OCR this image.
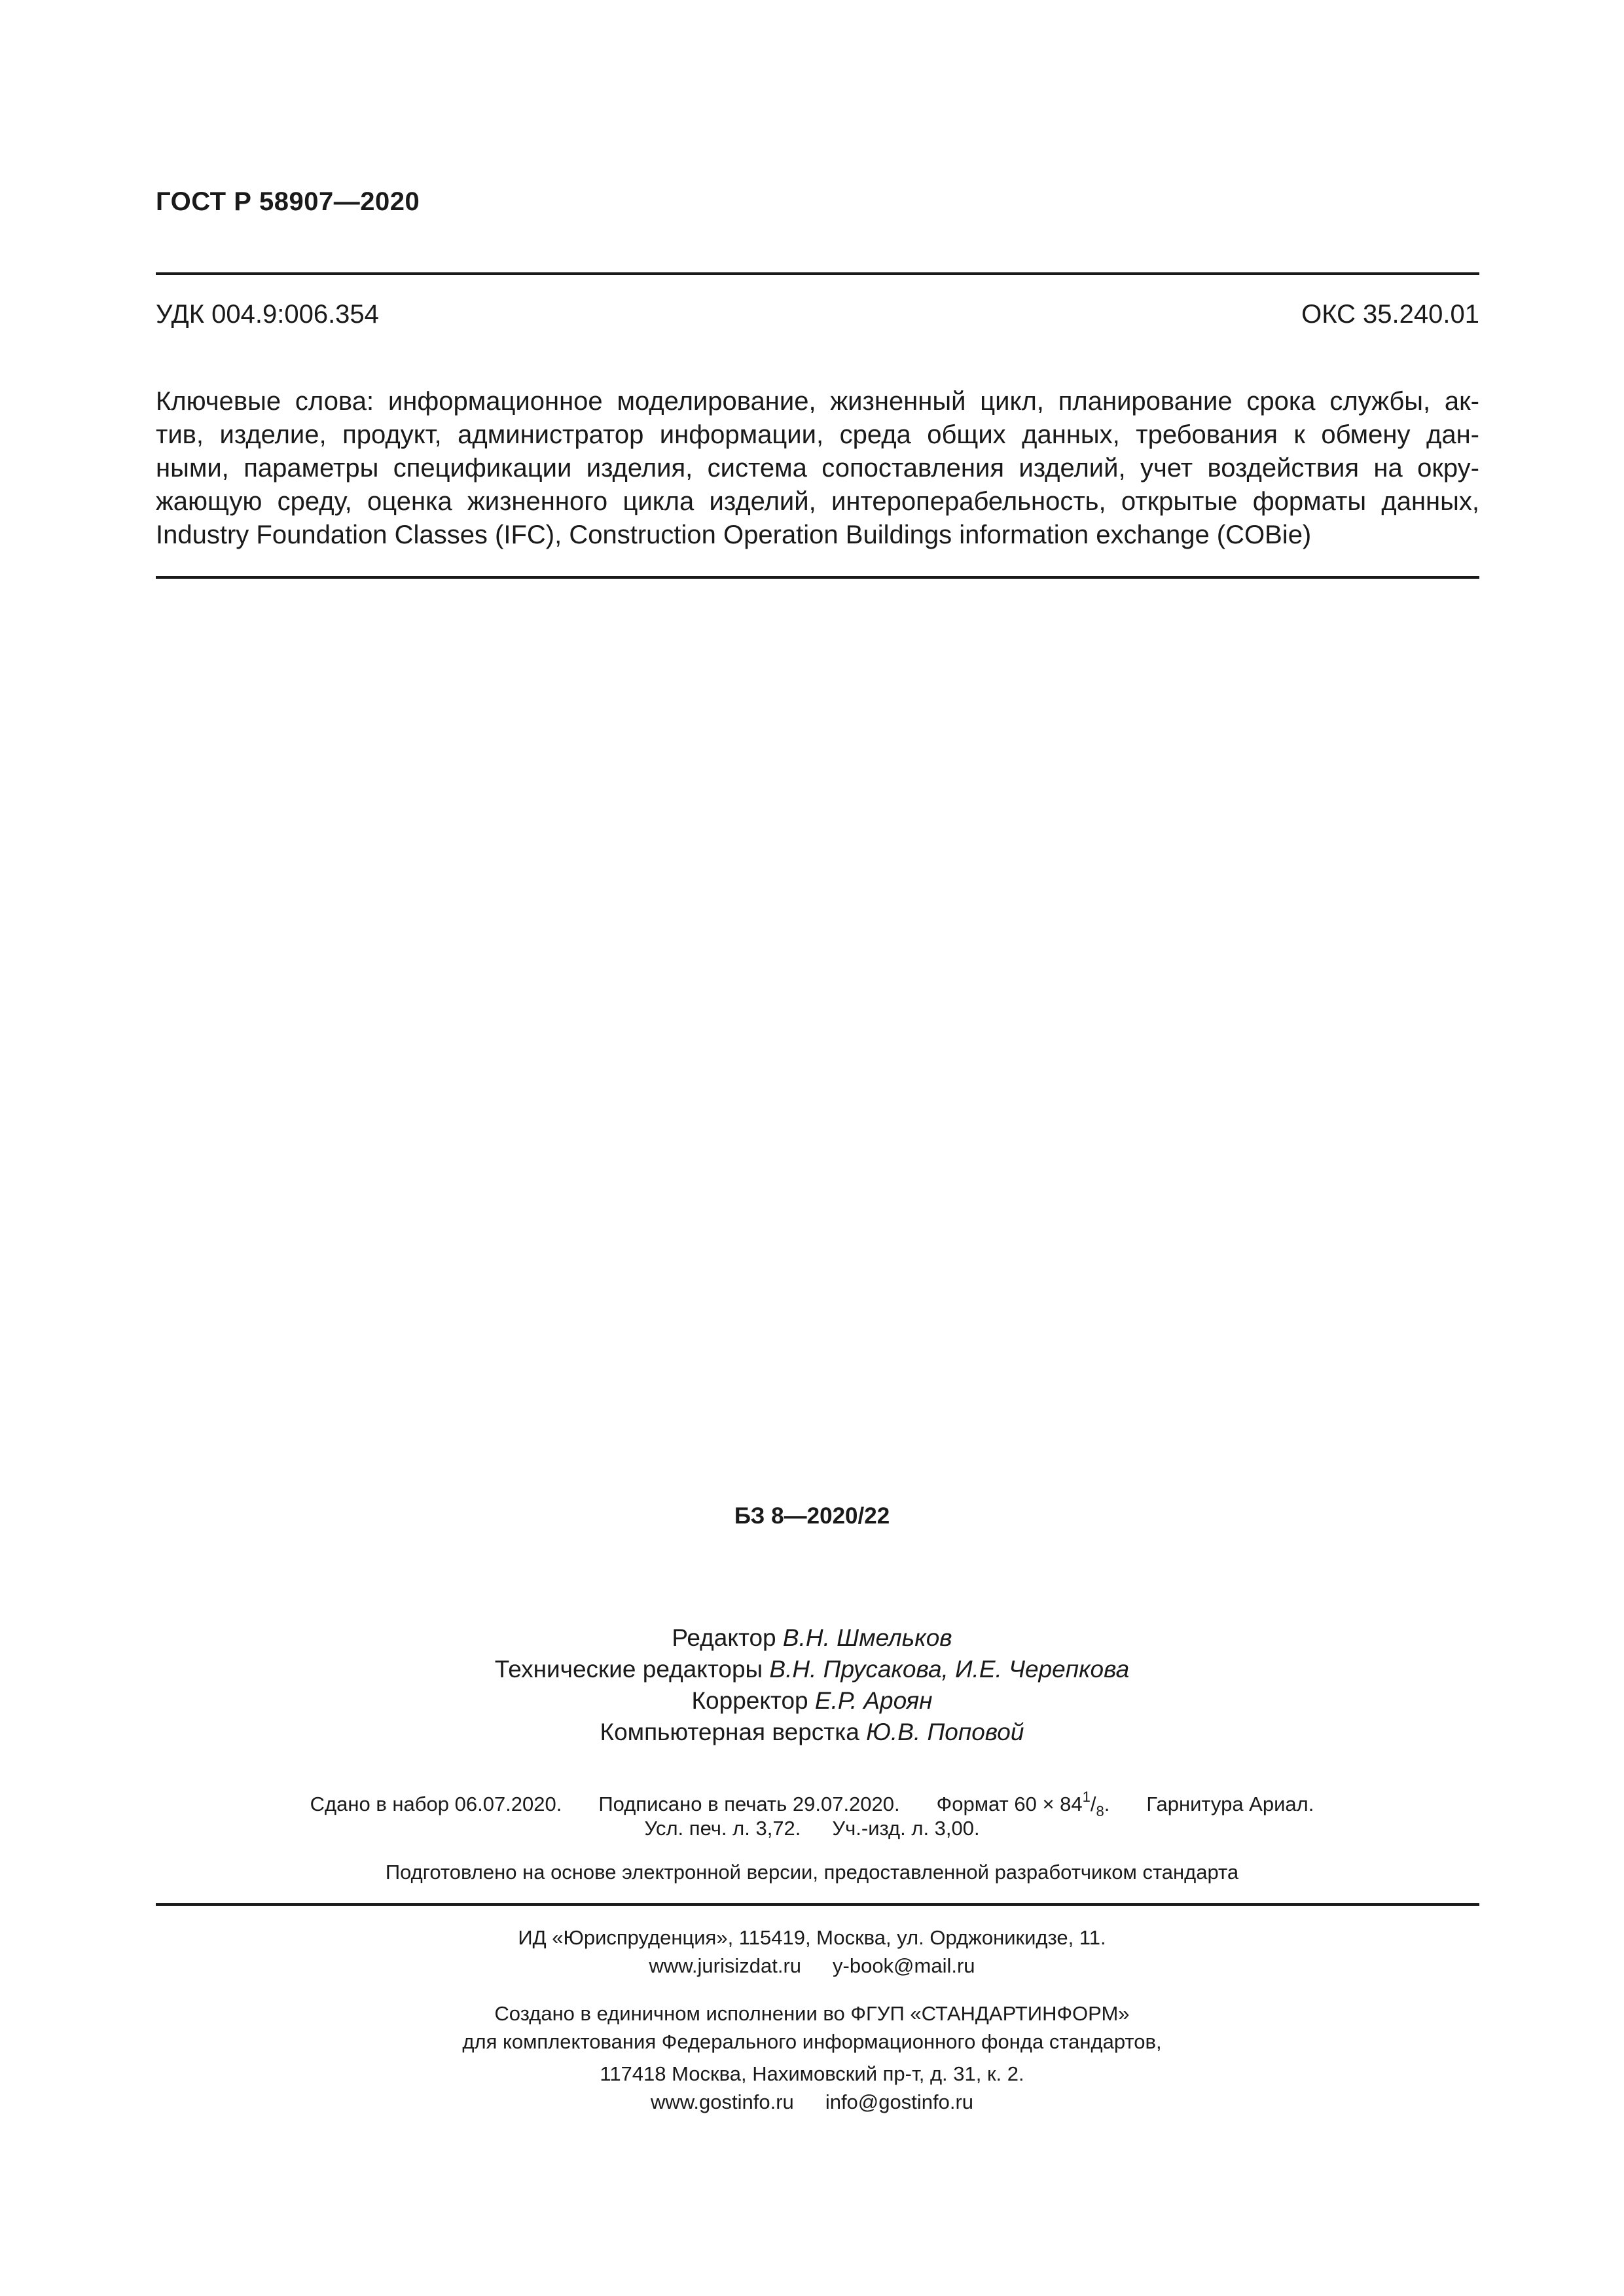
ГОСТ Р 58907—2020
УДК 004.9:006.354	ОКС 35.240.01
Ключевые слова: информационное моделирование, жизненный цикл, планирование срока службы, ак-
тив, изделие, продукт, администратор информации, среда общих данных, требования к обмену дан-
ными, параметры спецификации изделия, система сопоставления изделий, учет воздействия на окру-
жающую среду, оценка жизненного цикла изделий, интероперабельность, открытые форматы данных,
Industry Foundation Classes (IFC), Construction Operation Buildings information exchange (COBie)
БЗ 8—2020/22
Редактор В.Н. Шмельков
Технические редакторы В.Н. Прусакова, И.Е. Черепкова
Корректор Е.Р. Ароян
Компьютерная верстка Ю.В. Поповой
Сдано в набор 06.07.2020. Подписано в печать 29.07.2020. Формат $60 \times 84^1/_8$. Гарнитура Ариал.
Усл. печ. л. 3,72. Уч.-изд. л. 3,00.
Подготовлено на основе электронной версии, предоставленной разработчиком стандарта
ИД «Юриспруденция», 115419, Москва, ул. Орджоникидзе, 11.
www.jurisizdat.ru y-book@mail.ru
Создано в единичном исполнении во ФГУП «СТАНДАРТИНФОРМ»
для комплектования Федерального информационного фонда стандартов,
117418 Москва, Нахимовский пр-т, д. 31, к. 2.
www.gostinfo.ru info@gostinfo.ru
